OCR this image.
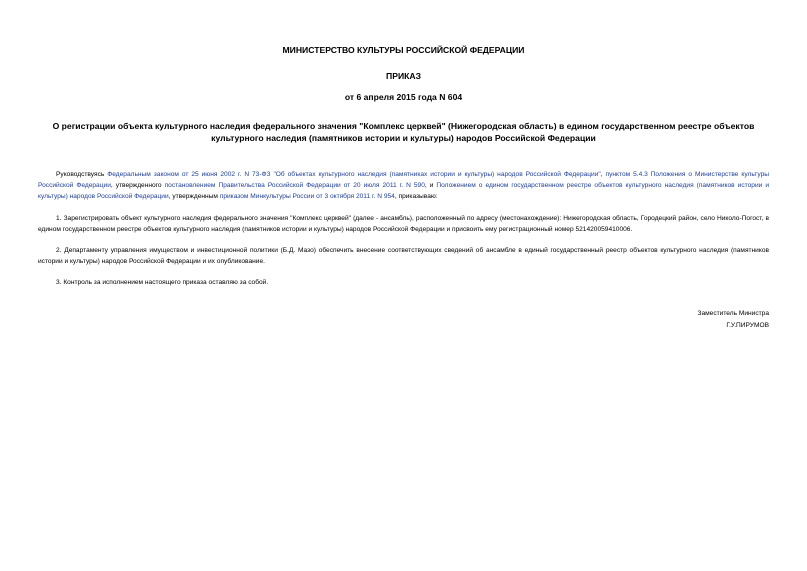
МИНИСТЕРСТВО КУЛЬТУРЫ РОССИЙСКОЙ ФЕДЕРАЦИИ
ПРИКАЗ
от 6 апреля 2015 года N 604
О регистрации объекта культурного наследия федерального значения "Комплекс церквей" (Нижегородская область) в едином государственном реестре объектов культурного наследия (памятников истории и культуры) народов Российской Федерации
Руководствуясь Федеральным законом от 25 июня 2002 г. N 73-ФЗ "Об объектах культурного наследия (памятниках истории и культуры) народов Российской Федерации", пунктом 5.4.3 Положения о Министерстве культуры Российской Федерации, утвержденного постановлением Правительства Российской Федерации от 20 июля 2011 г. N 590, и Положением о едином государственном реестре объектов культурного наследия (памятников истории и культуры) народов Российской Федерации, утвержденным приказом Минкультуры России от 3 октября 2011 г. N 954, приказываю:
1. Зарегистрировать объект культурного наследия федерального значения "Комплекс церквей" (далее - ансамбль), расположенный по адресу (местонахождение): Нижегородская область, Городецкий район, село Николо-Погост, в едином государственном реестре объектов культурного наследия (памятников истории и культуры) народов Российской Федерации и присвоить ему регистрационный номер 521420059410006.
2. Департаменту управления имуществом и инвестиционной политики (Б.Д. Мазо) обеспечить внесение соответствующих сведений об ансамбле в единый государственный реестр объектов культурного наследия (памятников истории и культуры) народов Российской Федерации и их опубликование.
3. Контроль за исполнением настоящего приказа оставляю за собой.
Заместитель Министра
Г.У.ПИРУМОВ
